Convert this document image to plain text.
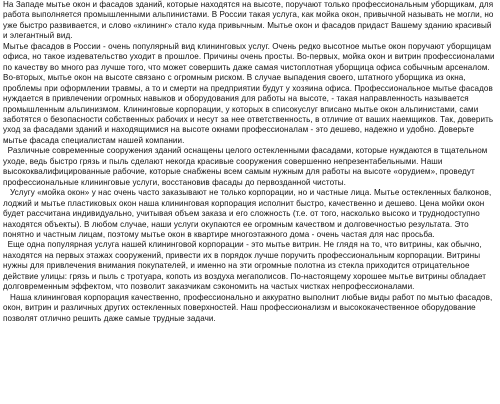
На Западе мытье окон и фасадов зданий, которые находятся на высоте, поручают только профессиональным уборщикам, для работа выполняется промышленными альпинистами. В России такая услуга, как мойка окон, привычной называть не могли, но уже быстро развивается, и слово «клининг» стало куда привычным. Мытье окон и фасадов придаст Вашему зданию красивый и элегантный вид.

Мытье фасадов в России - очень популярный вид клининговых услуг. Очень редко высотное мытье окон поручают уборщицам офиса, но такое издевательство уходит в прошлое. Причины очень просты. Во-первых, мойка окон и витрин профессионалами по качеству во много раз лучше того, что может совершить даже самая чистоплотная уборщица офиса собычным арсеналом. Во-вторых, мытье окон на высоте связано с огромным риском. В случае выпадения своего, штатного уборщика из окна, проблемы при оформлении травмы, а то и смерти на предприятии будут у хозяина офиса. Профессиональное мытье фасадов нуждается в привлечении огромных навыков и оборудования для работы на высоте, - такая направленность называется промышленным альпинизмом. Клининговые корпорации, у которых в списокуслуг вписано мытье окон альпинистами, сами заботятся о безопасности собственных рабочих и несут за нее ответственность, в отличие от ваших наемщиков. Так, доверить уход за фасадами зданий и находящимися на высоте окнами профессионалам - это дешево, надежно и удобно. Доверьте мытье фасада специалистам нашей компании.

Различные современные сооружения зданий оснащены целого остекленными фасадами, которые нуждаются в тщательном уходе, ведь быстро грязь и пыль сделают некогда красивые сооружения совершенно непрезентабельными. Наши высококвалифицированные рабочие, которые снабжены всем самым нужным для работы на высоте «орудием», проведут профессиональные клининговые услуги, восстановив фасады до первозданной чистоты.

Услугу «мойка окон» у нас очень часто заказывают не только корпорации, но и частные лица. Мытье остекленных балконов, лоджий и мытье пластиковых окон наша клининговая корпорация исполнит быстро, качественно и дешево. Цена мойки окон будет рассчитана индивидуально, учитывая объем заказа и его сложность (т.е. от того, насколько высоко и труднодоступно находятся объекты). В любом случае, наши услуги окупаются ее огромным качеством и долговечностью результата. Это понятно и частным лицам, поэтому мытье окон в квартире многоэтажного дома - очень частая для нас просьба.

Еще одна популярная услуга нашей клининговой корпорации - это мытье витрин. Не глядя на то, что витрины, как обычно, находятся на первых этажах сооружений, привести их в порядок лучше поручить профессиональным корпорации. Витрины нужны для привлечения внимания покупателей, и именно на эти огромные полотна из стекла приходится отрицательное действие улицы: грязь и пыль с тротуара, копоть из воздуха мегаполисов. По-настоящему хорошее мытье витрины обладает долговременным эффектом, что позволит заказчикам сэкономить на частых чистках непрофессионалами.

Наша клининговая корпорация качественно, профессионально и аккуратно выполнит любые виды работ по мытью фасадов, окон, витрин и различных других остекленных поверхностей. Наш профессионализм и высококачественное оборудование позволят отлично решить даже самые трудные задачи.
